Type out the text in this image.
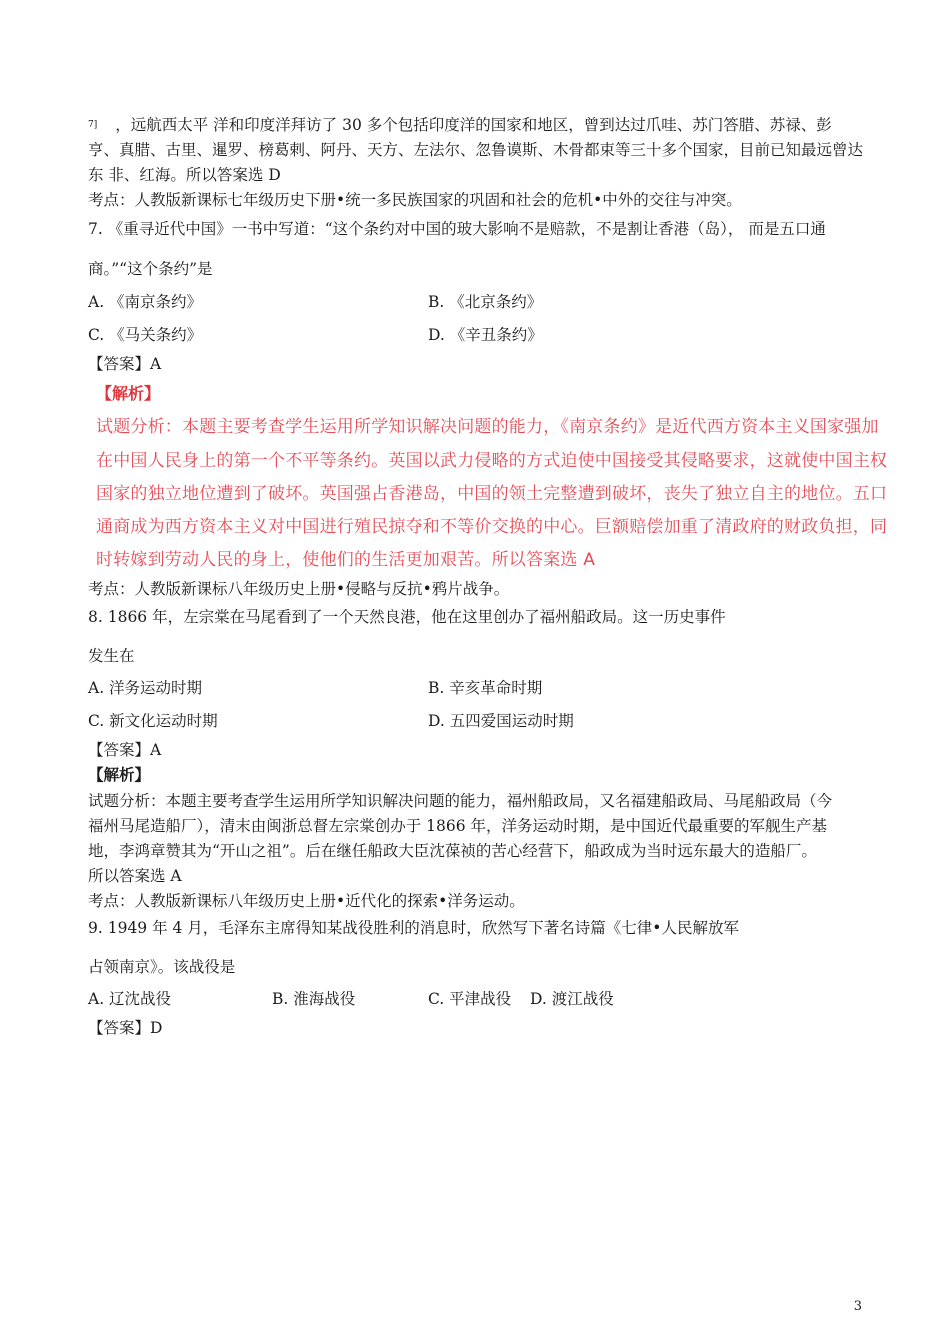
$^{7]}$ ，远航西太平 洋和印度洋拜访了 30 多个包括印度洋的国家和地区，曾到达过爪哇、苏门答腊、苏禄、彭
亨、真腊、古里、暹罗、榜葛剌、阿丹、天方、左法尔、忽鲁谟斯、木骨都束等三十多个国家，目前已知最远曾达
东 非、红海。所以答案选 D
考点：人教版新课标七年级历史下册•统一多民族国家的巩固和社会的危机•中外的交往与冲突。
7. 《重寻近代中国》一书中写道：“这个条约对中国的玻大影响不是赔款，不是割让香港（岛）， 而是五口通
商。”“这个条约”是
A. 《南京条约》	B. 《北京条约》
C. 《马关条约》	D. 《辛丑条约》
【答案】A
【解析】
试题分析：本题主要考查学生运用所学知识解决问题的能力，《南京条约》是近代西方资本主义国家强加
在中国人民身上的第一个不平等条约。英国以武力侵略的方式迫使中国接受其侵略要求，这就使中国主权
国家的独立地位遭到了破坏。英国强占香港岛，中国的领土完整遭到破坏，丧失了独立自主的地位。五口
通商成为西方资本主义对中国进行殖民掠夺和不等价交换的中心。巨额赔偿加重了清政府的财政负担，同
时转嫁到劳动人民的身上，使他们的生活更加艰苦。所以答案选 A
考点：人教版新课标八年级历史上册•侵略与反抗•鸦片战争。
8. 1866 年，左宗棠在马尾看到了一个天然良港，他在这里创办了福州船政局。这一历史事件
发生在
A. 洋务运动时期	B. 辛亥革命时期
C. 新文化运动时期	D. 五四爱国运动时期
【答案】A
【解析】
试题分析：本题主要考查学生运用所学知识解决问题的能力，福州船政局，又名福建船政局、马尾船政局（今
福州马尾造船厂），清末由闽浙总督左宗棠创办于 1866 年，洋务运动时期，是中国近代最重要的军舰生产基
地，李鸿章赞其为“开山之祖”。后在继任船政大臣沈葆祯的苦心经营下，船政成为当时远东最大的造船厂。
所以答案选 A
考点：人教版新课标八年级历史上册•近代化的探索•洋务运动。
9. 1949 年 4 月，毛泽东主席得知某战役胜利的消息时，欣然写下著名诗篇《七律•人民解放军
占领南京》。该战役是
A. 辽沈战役	B. 淮海战役	C. 平津战役 D. 渡江战役
【答案】D
3
